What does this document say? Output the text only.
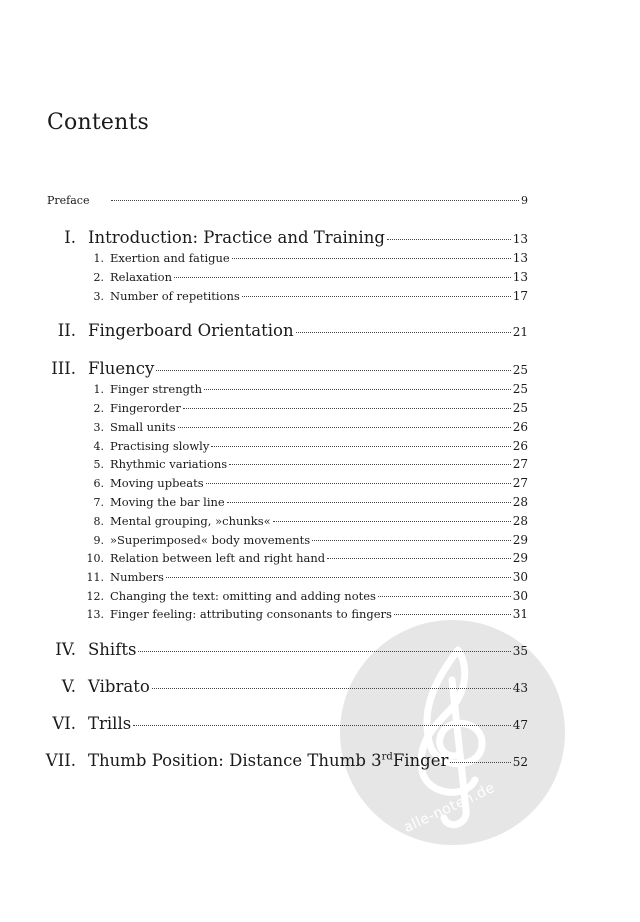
Contents
Preface	9
I. Introduction: Practice and Training	13
1. Exertion and fatigue	13
2. Relaxation	13
3. Number of repetitions	17
II. Fingerboard Orientation	21
III. Fluency	25
1. Finger strength	25
2. Fingerorder	25
3. Small units	26
4. Practising slowly	26
5. Rhythmic variations	27
6. Moving upbeats	27
7. Moving the bar line	28
8. Mental grouping, »chunks«	28
9. »Superimposed« body movements	29
10. Relation between left and right hand	29
11. Numbers	30
12. Changing the text: omitting and adding notes	30
13. Finger feeling: attributing consonants to fingers	31
alle-noten.de
IV. Shifts	35
V. Vibrato	43
VI. Trills	47
VII. Thumb Position: Distance Thumb 3rdFinger	52
